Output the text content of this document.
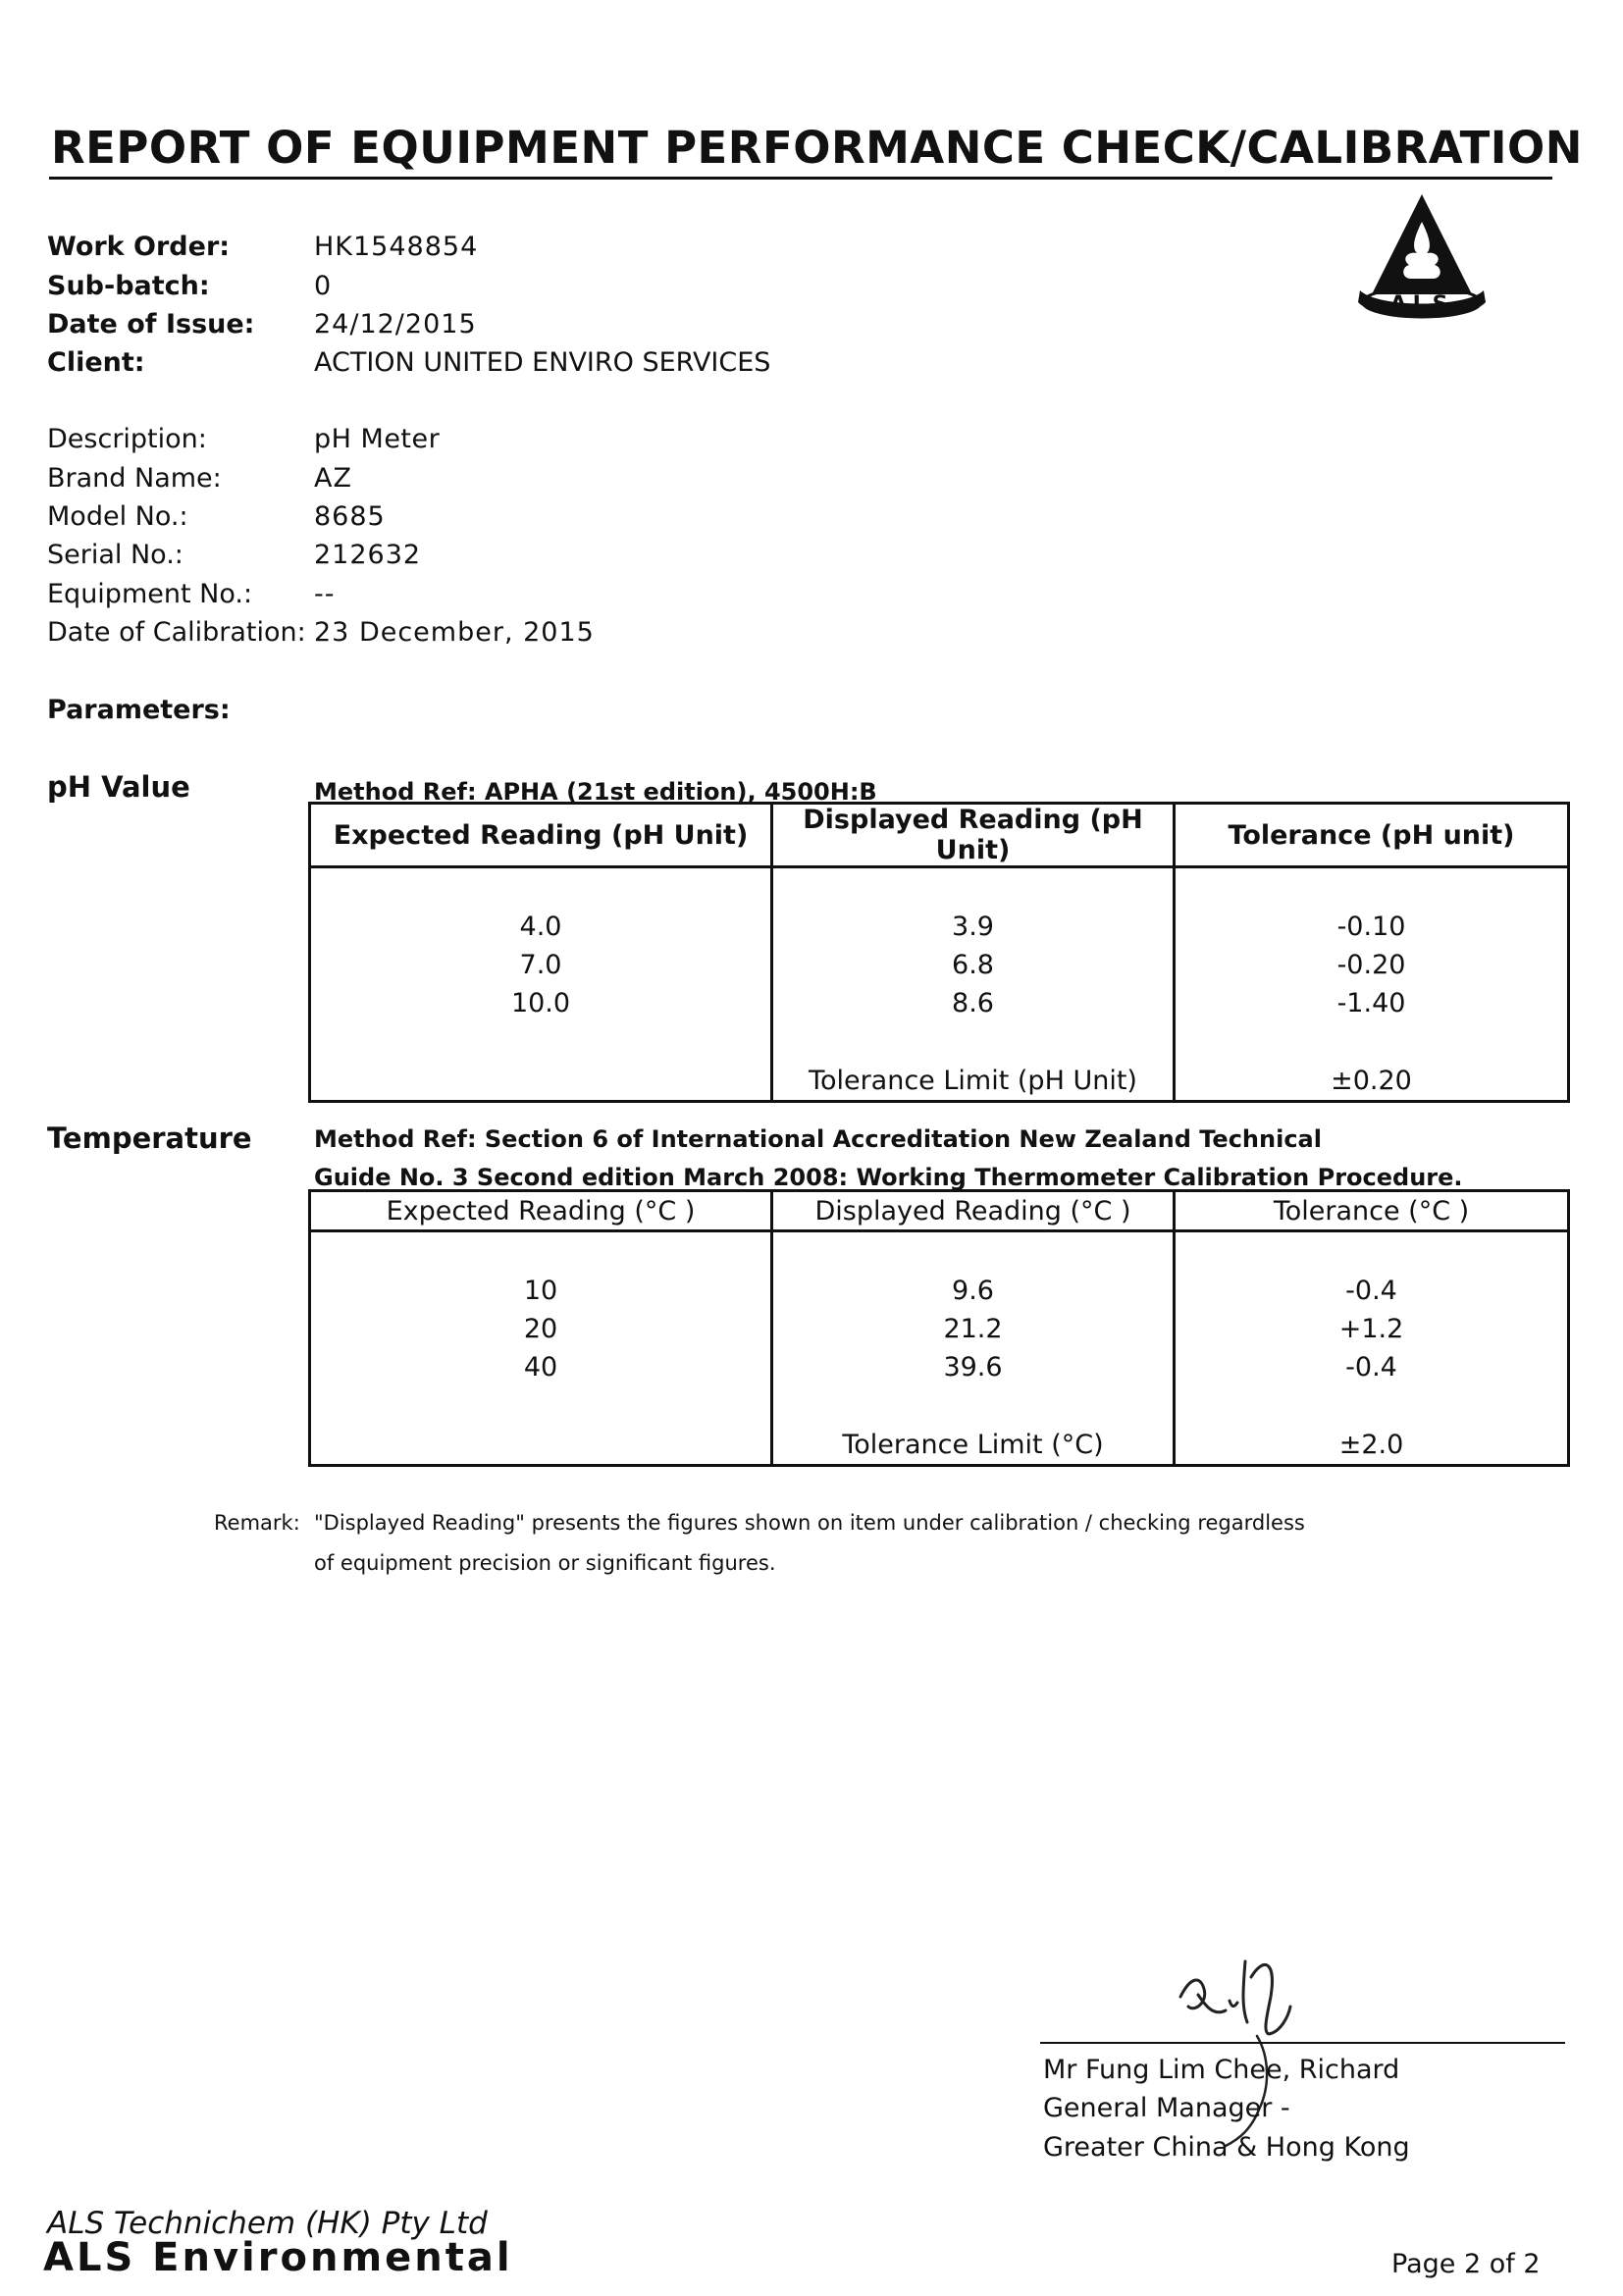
REPORT OF EQUIPMENT PERFORMANCE CHECK/CALIBRATION
ALS
Work Order:	HK1548854
Sub-batch:	0
Date of Issue: 24/12/2015
Client:	ACTION UNITED ENVIRO SERVICES
Description:	pH Meter
Brand Name:	AZ
Model No.:	8685
Serial No.:	212632
Equipment No.: --
Date of Calibration: 23 December, 2015
Parameters:
pH Value	Method Ref: APHA (21st edition), 4500H:B
Expected Reading (pH Unit)	Displayed Reading (pH Unit)	Tolerance (pH unit)

4.0	3.9	-0.10
7.0	6.8	-0.20
10.0	8.6	-1.40

	Tolerance Limit (pH Unit)	±0.20
Temperature	Method Ref: Section 6 of International Accreditation New Zealand Technical
Guide No. 3 Second edition March 2008: Working Thermometer Calibration Procedure.
Expected Reading (°C )	Displayed Reading (°C )	Tolerance (°C )

10	9.6	-0.4
20	21.2	+1.2
40	39.6	-0.4

	Tolerance Limit (°C)	±2.0
Remark: "Displayed Reading" presents the figures shown on item under calibration / checking regardless
of equipment precision or significant figures.
Mr Fung Lim Chee, Richard
General Manager -
Greater China & Hong Kong
ALS Technichem (HK) Pty Ltd
ALS Environmental	Page 2 of 2
